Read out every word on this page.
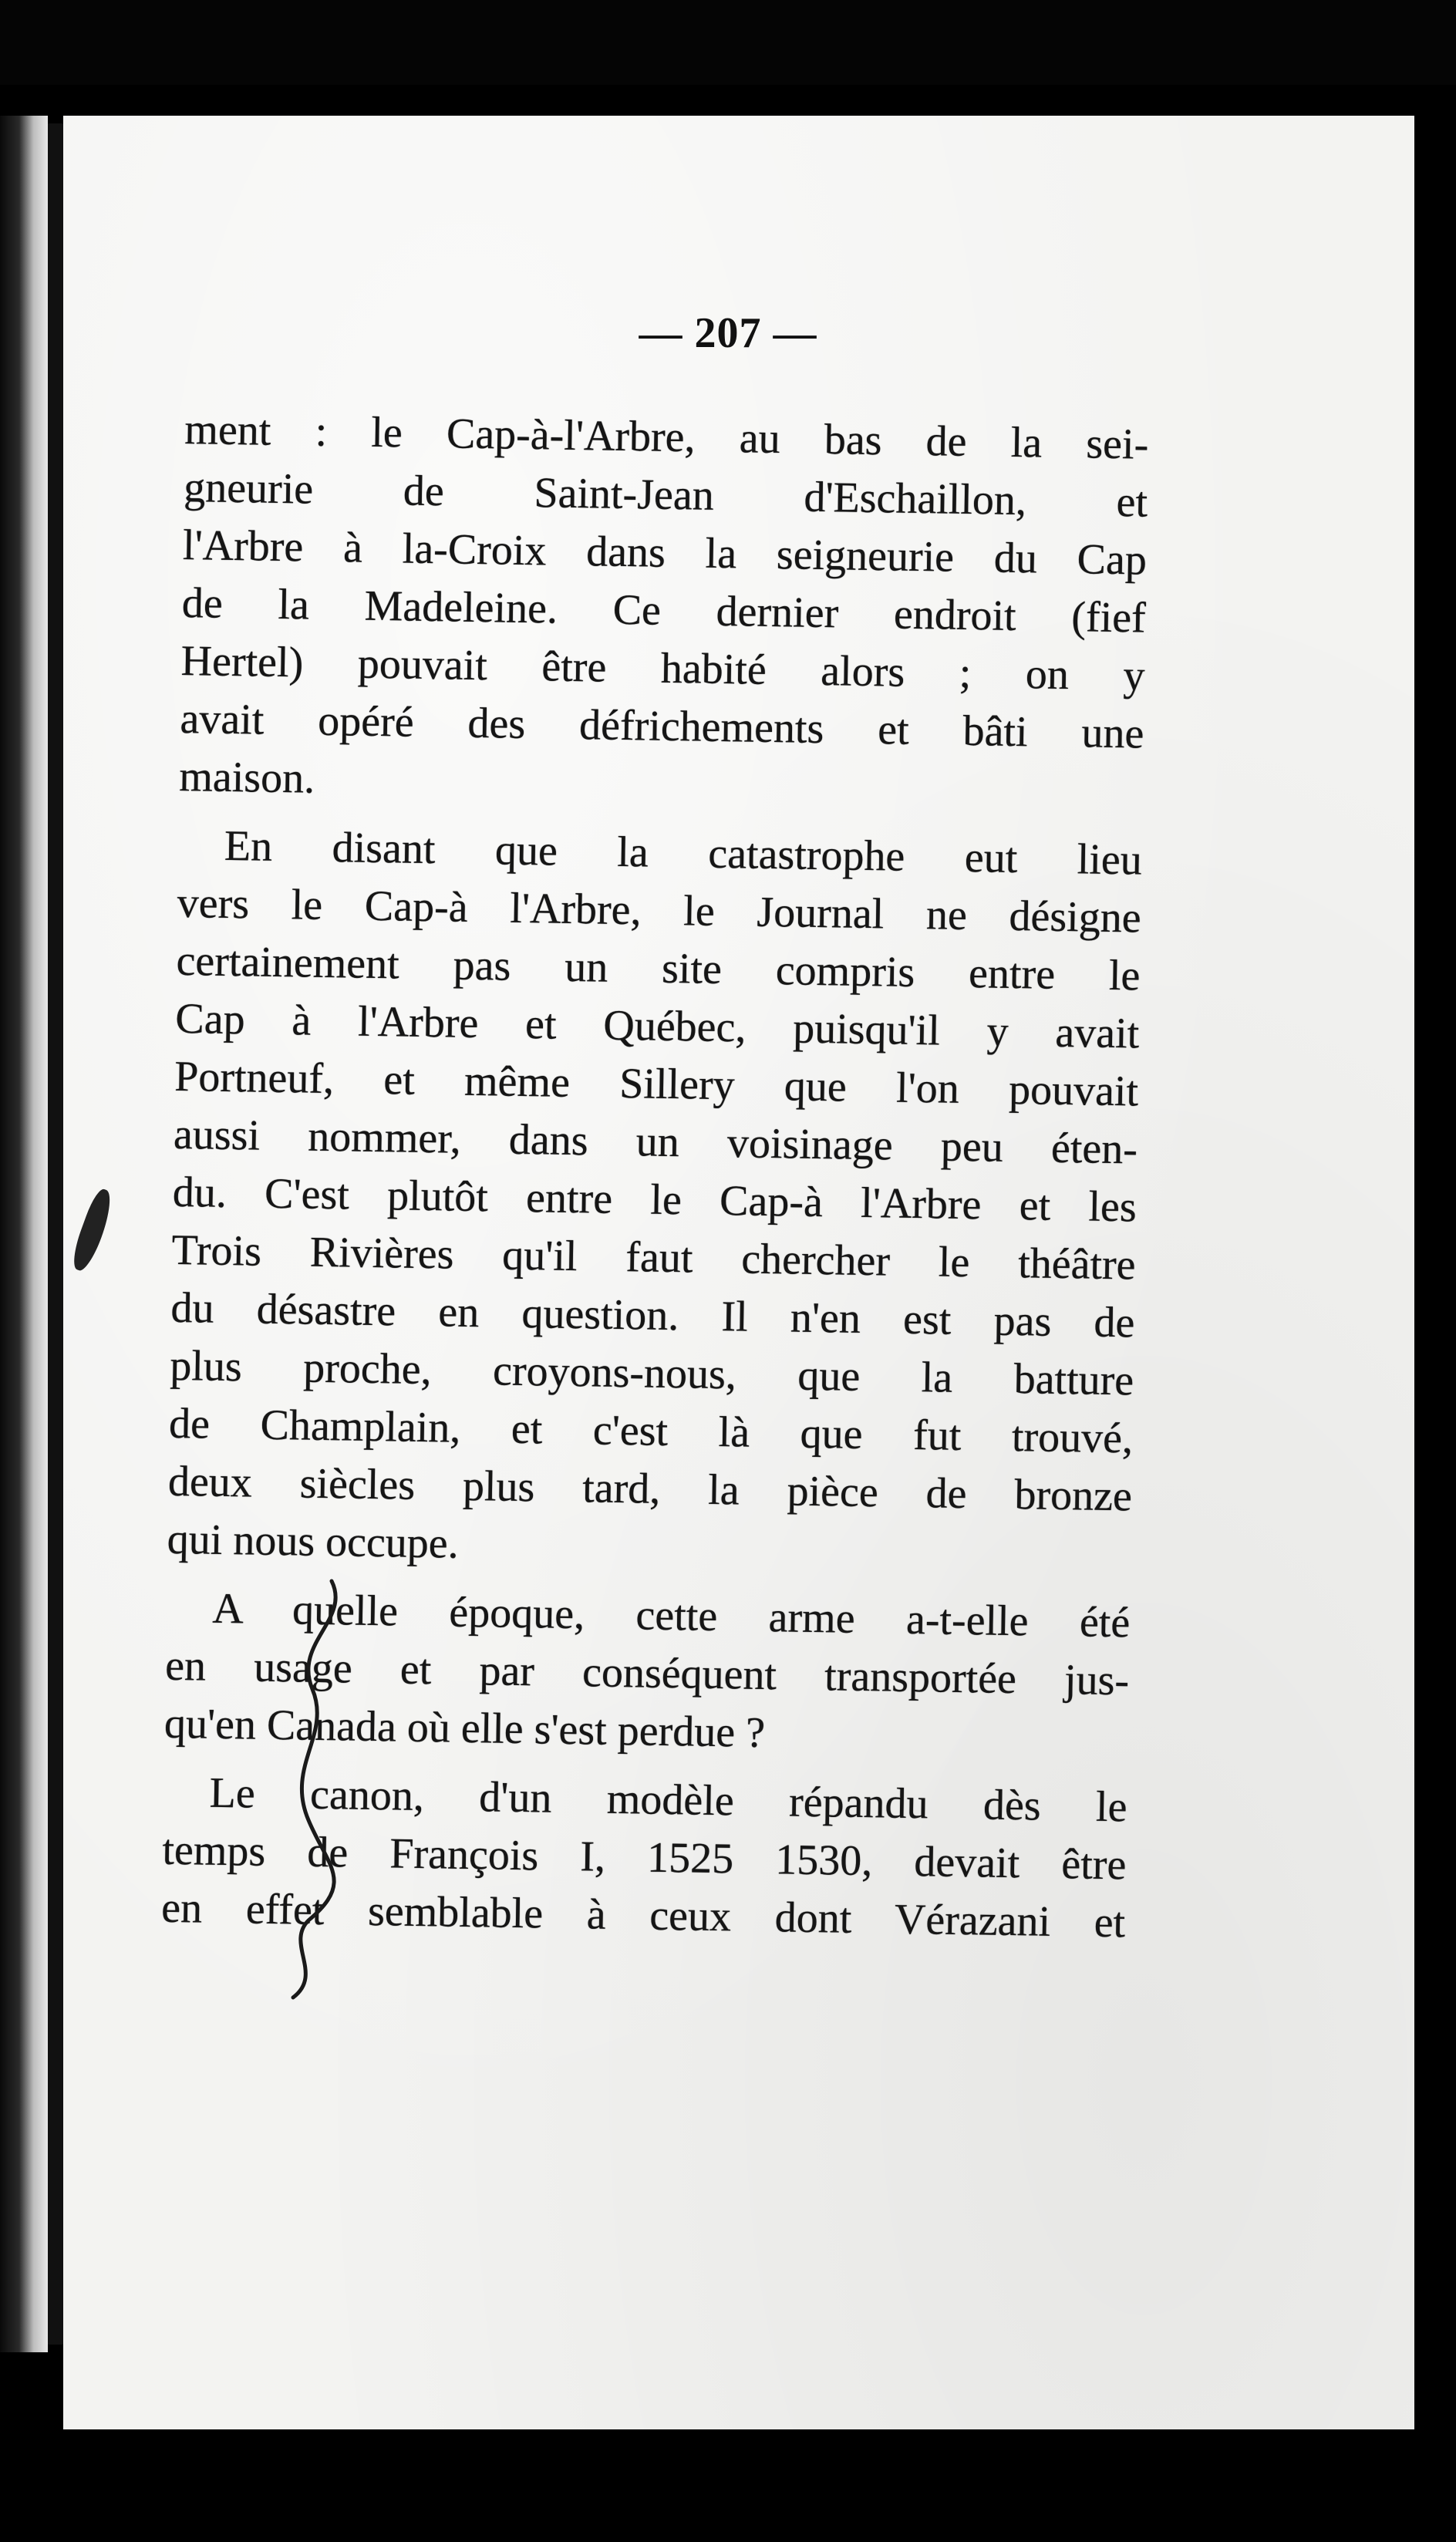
— 207 —
ment : le Cap-à-l'Arbre, au bas de la sei-
gneurie de Saint-Jean d'Eschaillon, et
l'Arbre à la-Croix dans la seigneurie du Cap
de la Madeleine. Ce dernier endroit (fief
Hertel) pouvait être habité alors ; on y
avait opéré des défrichements et bâti une
maison.
En disant que la catastrophe eut lieu
vers le Cap-à l'Arbre, le Journal ne désigne
certainement pas un site compris entre le
Cap à l'Arbre et Québec, puisqu'il y avait
Portneuf, et même Sillery que l'on pouvait
aussi nommer, dans un voisinage peu éten-
du. C'est plutôt entre le Cap-à l'Arbre et les
Trois Rivières qu'il faut chercher le théâtre
du désastre en question. Il n'en est pas de
plus proche, croyons-nous, que la batture
de Champlain, et c'est là que fut trouvé,
deux siècles plus tard, la pièce de bronze
qui nous occupe.
A quelle époque, cette arme a-t-elle été
en usage et par conséquent transportée jus-
qu'en Canada où elle s'est perdue ?
Le canon, d'un modèle répandu dès le
temps de François I, 1525 1530, devait être
en effet semblable à ceux dont Vérazani et
